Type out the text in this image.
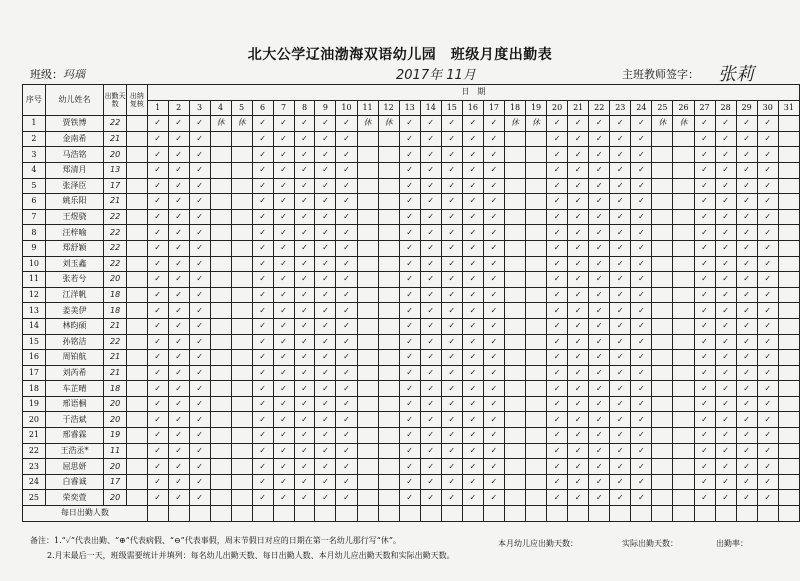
北大公学辽油渤海双语幼儿园　班级月度出勤表
班级：玛瑙	2017年 11月	主班教师签字： 张莉
序号	幼儿姓名	出勤天数	出纳复核	日　期																														
				1	2	3	4	5	6	7	8	9	10	11	12	13	14	15	16	17	18	19	20	21	22	23	24	25	26	27	28	29	30	31
1	贾铁博	22		✓	✓	✓	休	休	✓	✓	✓	✓	✓	休	休	✓	✓	✓	✓	✓	休	休	✓	✓	✓	✓	✓	休	休	✓	✓	✓	✓	
2	金南希	21		✓	✓	✓			✓	✓	✓	✓	✓			✓	✓	✓	✓	✓			✓	✓	✓	✓	✓			✓	✓	✓	✓	
3	马浩铭	20		✓	✓	✓			✓	✓	✓	✓	✓			✓	✓	✓	✓	✓			✓	✓	✓	✓	✓			✓	✓	✓	✓	
4	郑清月	13		✓	✓	✓			✓	✓	✓	✓	✓			✓	✓	✓	✓	✓			✓	✓	✓	✓	✓			✓	✓	✓	✓	
5	张泽臣	17		✓	✓	✓			✓	✓	✓	✓	✓			✓	✓	✓	✓	✓			✓	✓	✓	✓	✓			✓	✓	✓	✓	
6	姚乐阳	21		✓	✓	✓			✓	✓	✓	✓	✓			✓	✓	✓	✓	✓			✓	✓	✓	✓	✓			✓	✓	✓	✓	
7	王煜骁	22		✓	✓	✓			✓	✓	✓	✓	✓			✓	✓	✓	✓	✓			✓	✓	✓	✓	✓			✓	✓	✓	✓	
8	汪梓喻	22		✓	✓	✓			✓	✓	✓	✓	✓			✓	✓	✓	✓	✓			✓	✓	✓	✓	✓			✓	✓	✓	✓	
9	郑舒颖	22		✓	✓	✓			✓	✓	✓	✓	✓			✓	✓	✓	✓	✓			✓	✓	✓	✓	✓			✓	✓	✓	✓	
10	刘玉鑫	22		✓	✓	✓			✓	✓	✓	✓	✓			✓	✓	✓	✓	✓			✓	✓	✓	✓	✓			✓	✓	✓	✓	
11	张若兮	20		✓	✓	✓			✓	✓	✓	✓	✓			✓	✓	✓	✓	✓			✓	✓	✓	✓	✓			✓	✓	✓	✓	
12	江洋帆	18		✓	✓	✓			✓	✓	✓	✓	✓			✓	✓	✓	✓	✓			✓	✓	✓	✓	✓			✓	✓	✓	✓	
13	姜美伊	18		✓	✓	✓			✓	✓	✓	✓	✓			✓	✓	✓	✓	✓			✓	✓	✓	✓	✓			✓	✓	✓	✓	
14	林昀硕	21		✓	✓	✓			✓	✓	✓	✓	✓			✓	✓	✓	✓	✓			✓	✓	✓	✓	✓			✓	✓	✓	✓	
15	孙铭洁	22		✓	✓	✓			✓	✓	✓	✓	✓			✓	✓	✓	✓	✓			✓	✓	✓	✓	✓			✓	✓	✓	✓	
16	周铂航	21		✓	✓	✓			✓	✓	✓	✓	✓			✓	✓	✓	✓	✓			✓	✓	✓	✓	✓			✓	✓	✓	✓	
17	刘芮希	21		✓	✓	✓			✓	✓	✓	✓	✓			✓	✓	✓	✓	✓			✓	✓	✓	✓	✓			✓	✓	✓	✓	
18	车芷晴	18		✓	✓	✓			✓	✓	✓	✓	✓			✓	✓	✓	✓	✓			✓	✓	✓	✓	✓			✓	✓	✓	✓	
19	邢语桐	20		✓	✓	✓			✓	✓	✓	✓	✓			✓	✓	✓	✓	✓			✓	✓	✓	✓	✓			✓	✓	✓	✓	
20	于浩斌	20		✓	✓	✓			✓	✓	✓	✓	✓			✓	✓	✓	✓	✓			✓	✓	✓	✓	✓			✓	✓	✓	✓	
21	邢睿霖	19		✓	✓	✓			✓	✓	✓	✓	✓			✓	✓	✓	✓	✓			✓	✓	✓	✓	✓			✓	✓	✓	✓	
22	王浩丞*	11		✓	✓	✓			✓	✓	✓	✓	✓			✓	✓	✓	✓	✓			✓	✓	✓	✓	✓			✓	✓	✓	✓	
23	屈思妍	20		✓	✓	✓			✓	✓	✓	✓	✓			✓	✓	✓	✓	✓			✓	✓	✓	✓	✓			✓	✓	✓	✓	
24	白睿诚	17		✓	✓	✓			✓	✓	✓	✓	✓			✓	✓	✓	✓	✓			✓	✓	✓	✓	✓			✓	✓	✓	✓	
25	荣奕萱	20		✓	✓	✓			✓	✓	✓	✓	✓			✓	✓	✓	✓	✓			✓	✓	✓	✓	✓			✓	✓	✓	✓	
每日出勤人数																																		
备注：1.“✓”代表出勤、“⊕”代表病假、“⊖”代表事假，周末节假日对应的日期在第一名幼儿那行写“休”。
2.月末最后一天，班级需要统计并填列：每名幼儿出勤天数、每日出勤人数、本月幼儿应出勤天数和实际出勤天数。
本月幼儿应出勤天数：	实际出勤天数：	出勤率：
